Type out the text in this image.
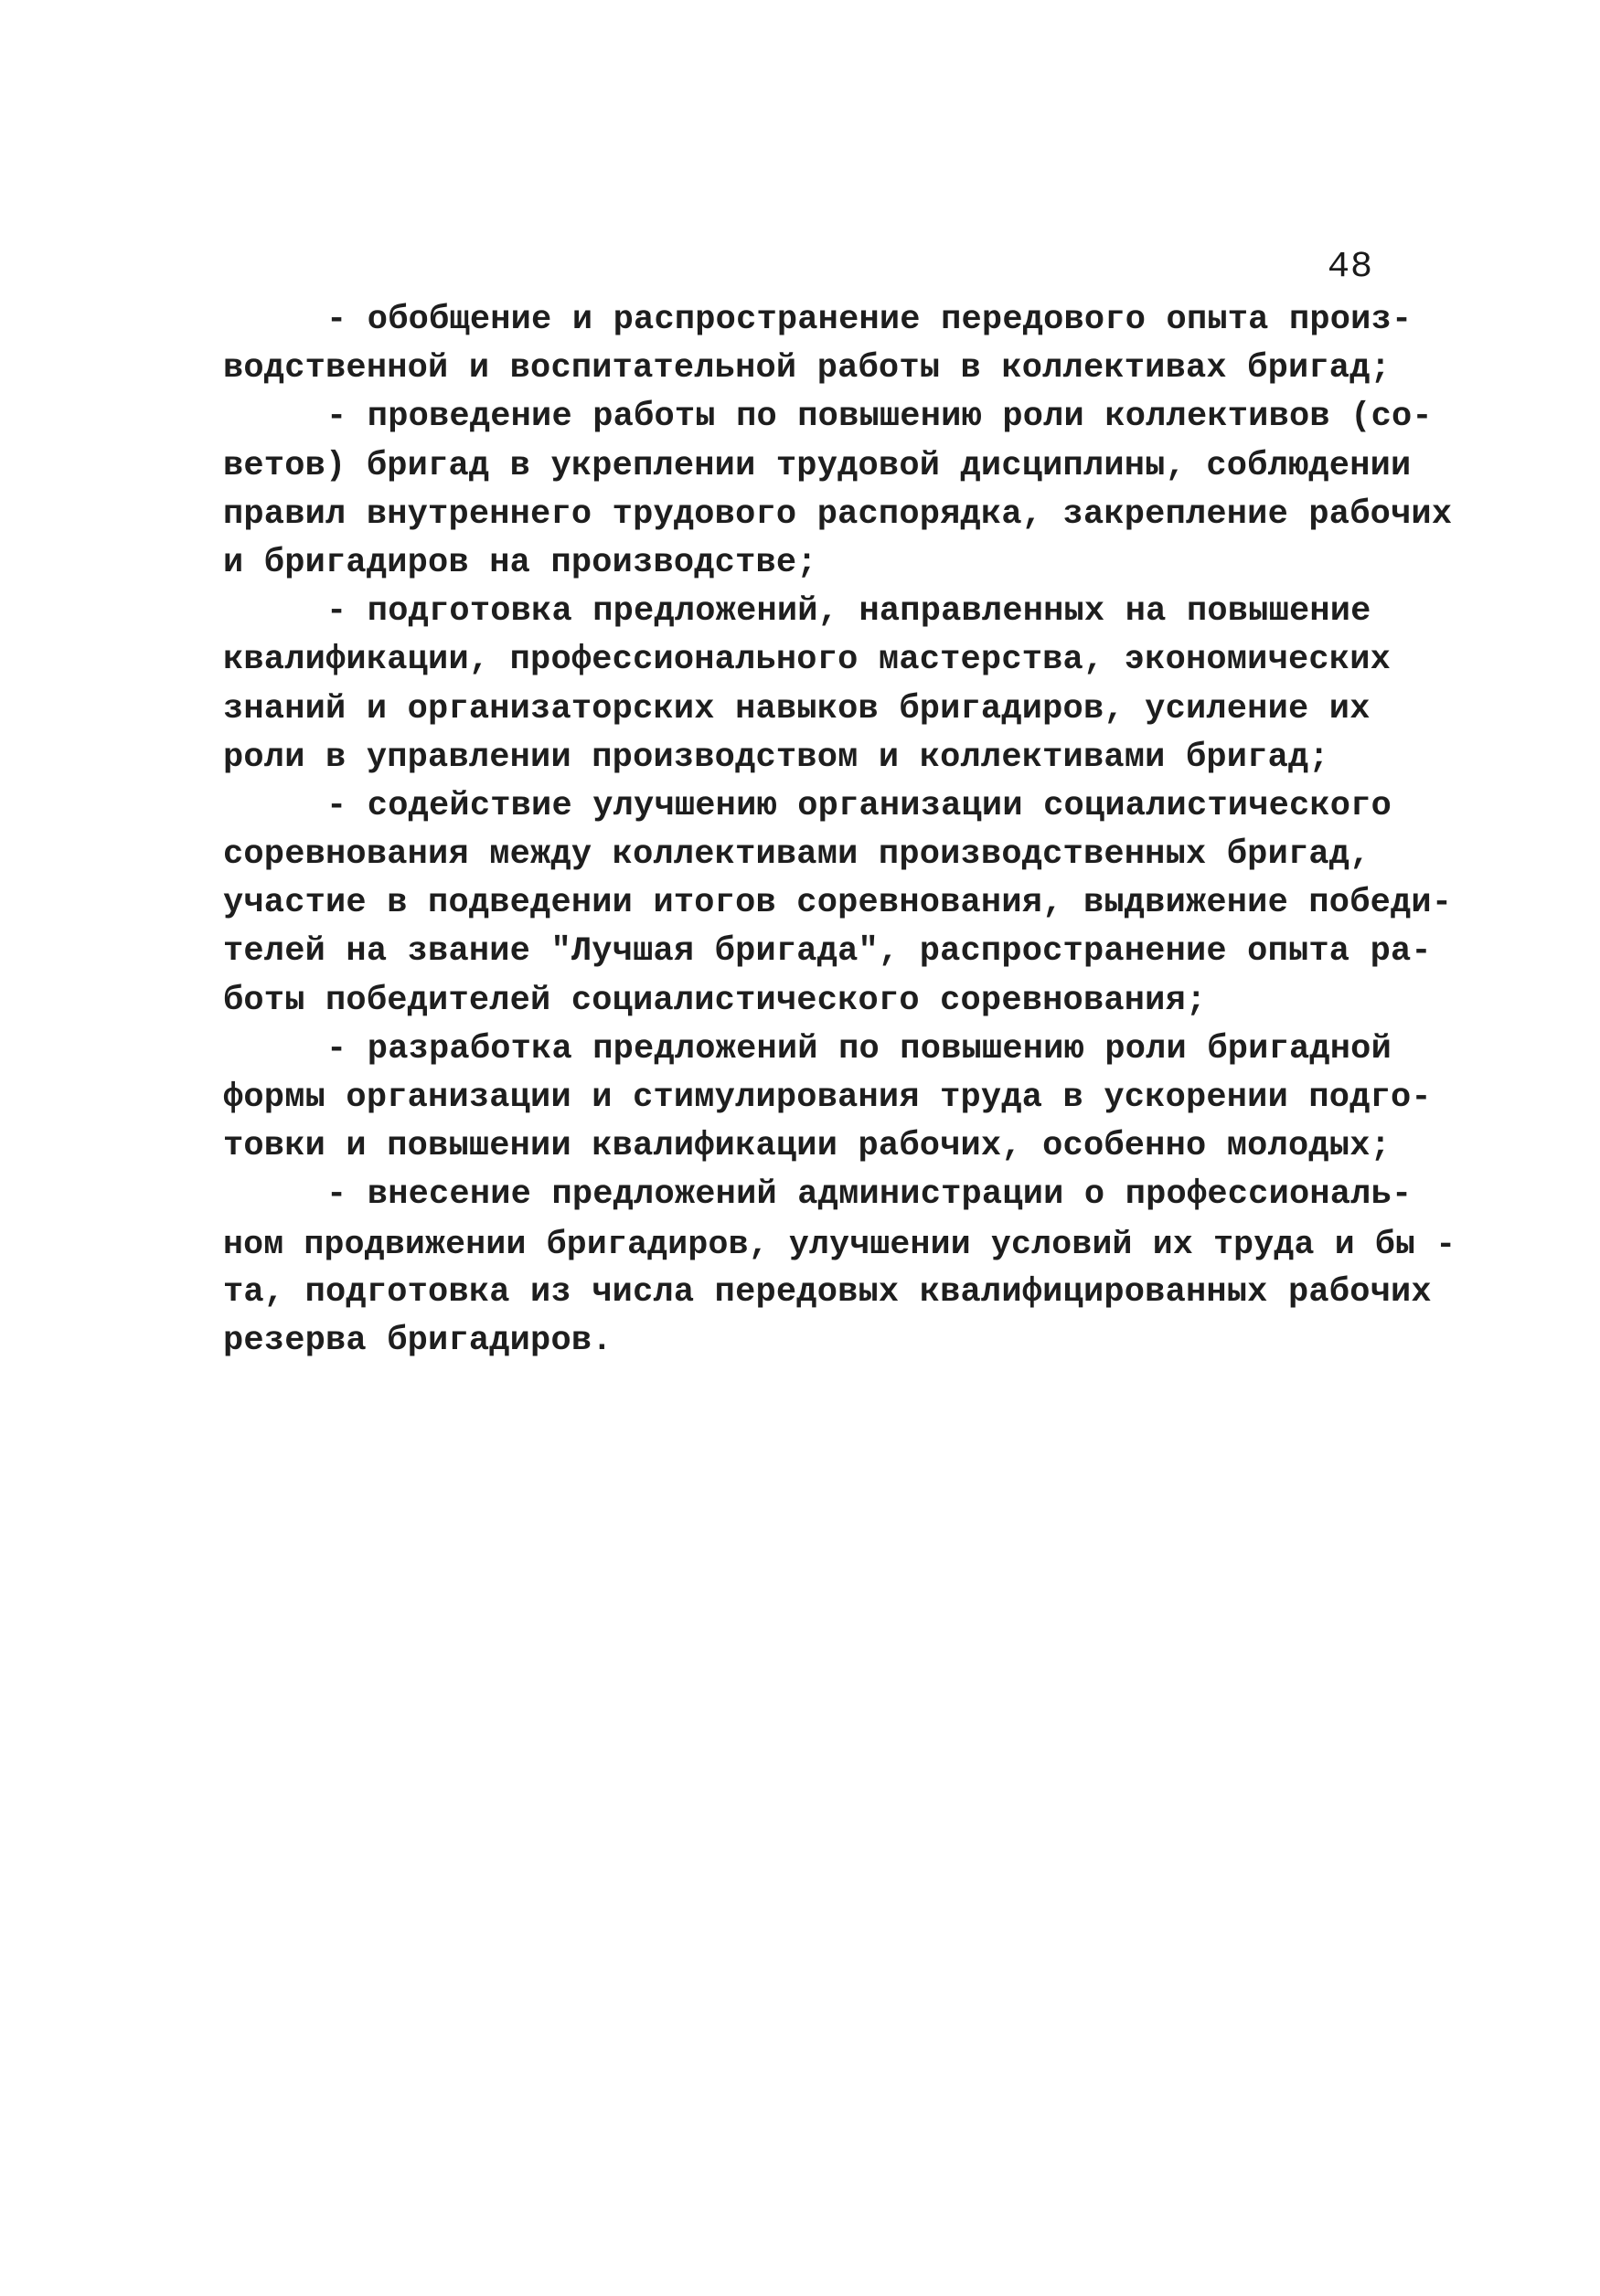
48
- обобщение и распространение передового опыта произ-
водственной и воспитательной работы в коллективах бригад;
- проведение работы по повышению роли коллективов (со-
ветов) бригад в укреплении трудовой дисциплины, соблюдении
правил внутреннего трудового распорядка, закрепление рабочих
и бригадиров на производстве;
- подготовка предложений, направленных на повышение
квалификации, профессионального мастерства, экономических
знаний и организаторских навыков бригадиров, усиление их
роли в управлении производством и коллективами бригад;
- содействие улучшению организации социалистического
соревнования между коллективами производственных бригад,
участие в подведении итогов соревнования, выдвижение победи-
телей на звание "Лучшая бригада", распространение опыта ра-
боты победителей социалистического соревнования;
- разработка предложений по повышению роли бригадной
формы организации и стимулирования труда в ускорении подго-
товки и повышении квалификации рабочих, особенно молодых;
- внесение предложений администрации о профессиональ-
ном продвижении бригадиров, улучшении условий их труда и бы -
та, подготовка из числа передовых квалифицированных рабочих
резерва бригадиров.
